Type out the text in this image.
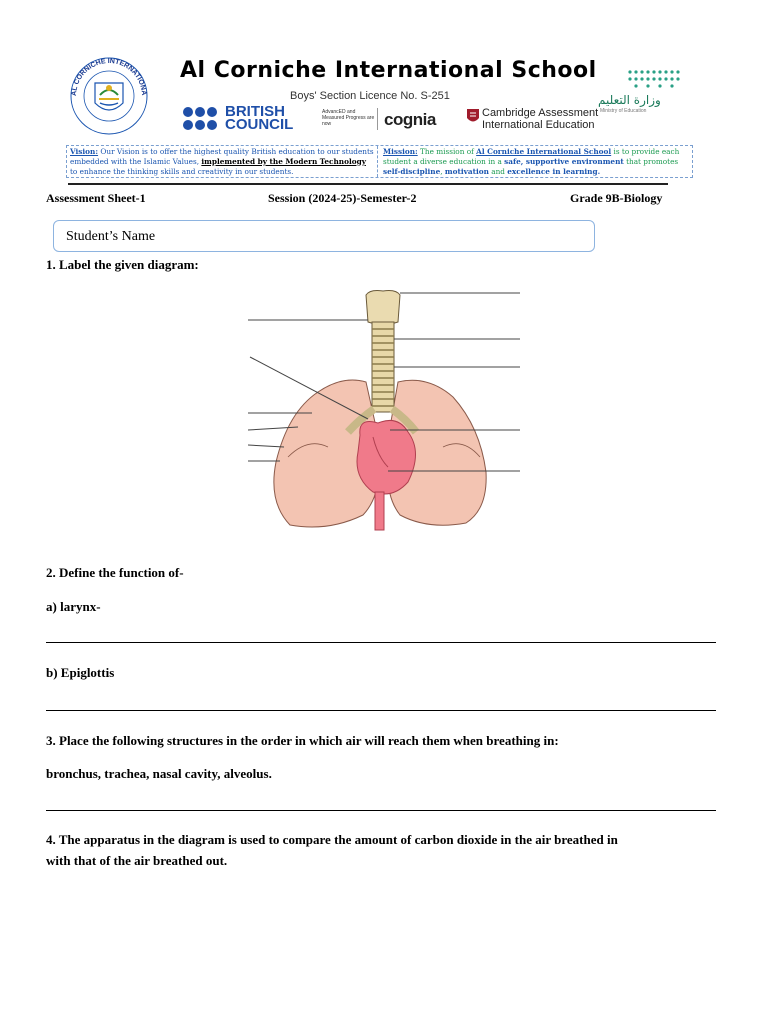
AL CORNICHE INTERNATIONA
Al Corniche International School
Boys' Section Licence No. S-251
BRITISH
COUNCIL
AdvancED and Measured Progress are now	cognia	Cambridge Assessment
International Education
وزارة التعليم
Ministry of Education
Vision: Our Vision is to offer the highest quality British education to our students embedded with the Islamic Values, implemented by the Modern Technology to enhance the thinking skills and creativity in our students.
Mission: The mission of Al Corniche International School is to provide each student a diverse education in a safe, supportive environment that promotes self-discipline, motivation and excellence in learning.
Assessment Sheet-1	Session (2024-25)-Semester-2	Grade 9B-Biology
Student’s Name
1. Label the given diagram:
2. Define the function of-
a) larynx-
b) Epiglottis
3. Place the following structures in the order in which air will reach them when breathing in:
bronchus, trachea, nasal cavity, alveolus.
4. The apparatus in the diagram is used to compare the amount of carbon dioxide in the air breathed in
with that of the air breathed out.
